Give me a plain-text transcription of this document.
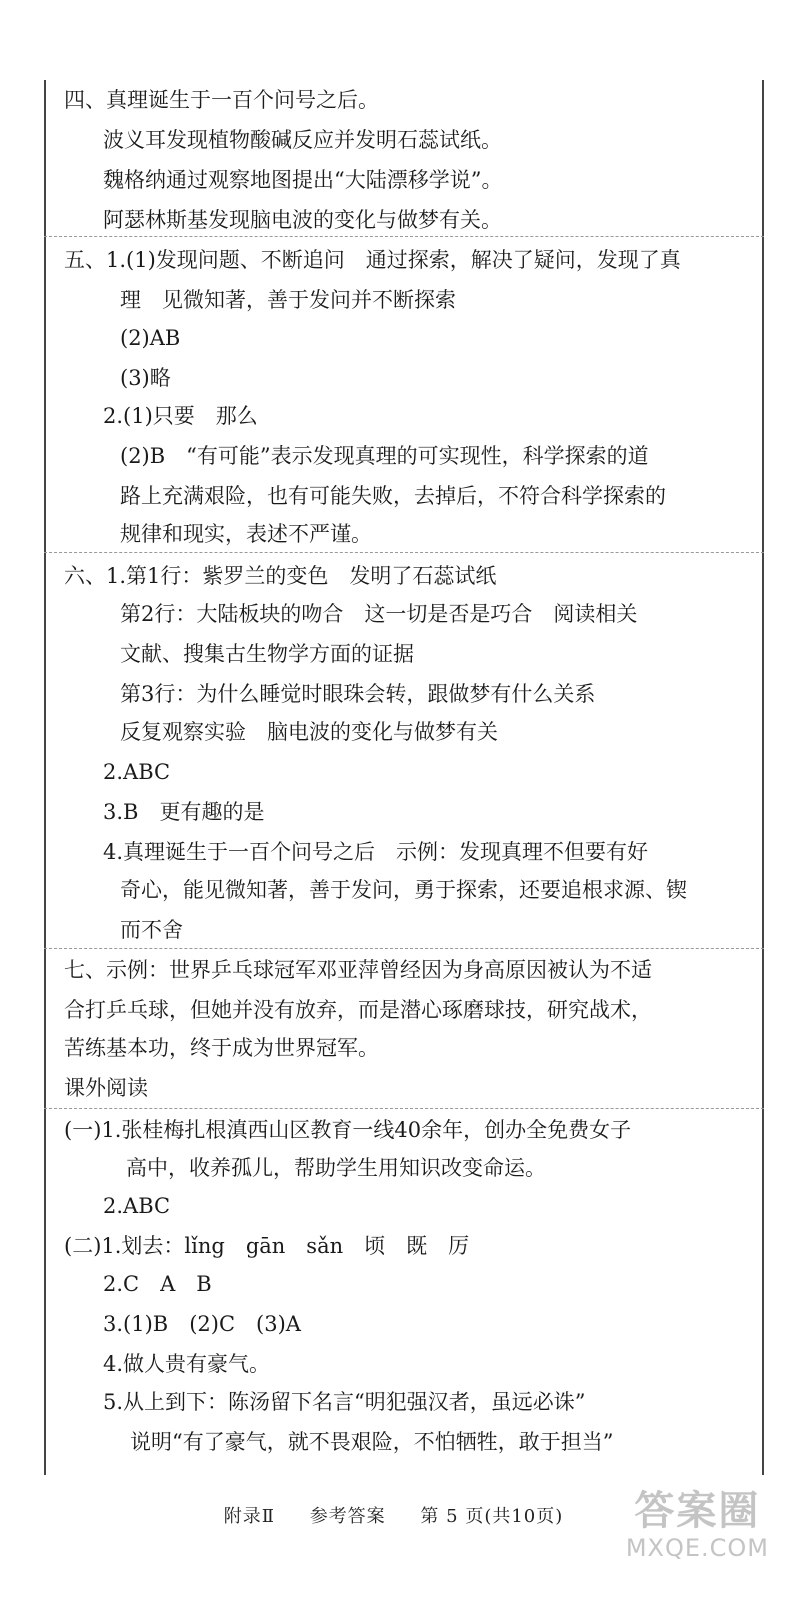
四、真理诞生于一百个问号之后。
波义耳发现植物酸碱反应并发明石蕊试纸。
魏格纳通过观察地图提出“大陆漂移学说”。
阿瑟林斯基发现脑电波的变化与做梦有关。
五、1.(1)发现问题、不断追问　通过探索，解决了疑问，发现了真
理　见微知著，善于发问并不断探索
(2)AB
(3)略
2.(1)只要　那么
(2)B　“有可能”表示发现真理的可实现性，科学探索的道
路上充满艰险，也有可能失败，去掉后，不符合科学探索的
规律和现实，表述不严谨。
六、1.第1行：紫罗兰的变色　发明了石蕊试纸
第2行：大陆板块的吻合　这一切是否是巧合　阅读相关
文献、搜集古生物学方面的证据
第3行：为什么睡觉时眼珠会转，跟做梦有什么关系
反复观察实验　脑电波的变化与做梦有关
2.ABC
3.B　更有趣的是
4.真理诞生于一百个问号之后　示例：发现真理不但要有好
奇心，能见微知著，善于发问，勇于探索，还要追根求源、锲
而不舍
七、示例：世界乒乓球冠军邓亚萍曾经因为身高原因被认为不适
合打乒乓球，但她并没有放弃，而是潜心琢磨球技，研究战术，
苦练基本功，终于成为世界冠军。
课外阅读
(一)1.张桂梅扎根滇西山区教育一线40余年，创办全免费女子
高中，收养孤儿，帮助学生用知识改变命运。
2.ABC
(二)1.划去：lǐng　gān　sǎn　顷　既　厉
2.C　A　B
3.(1)B　(2)C　(3)A
4.做人贵有豪气。
5.从上到下：陈汤留下名言“明犯强汉者，虽远必诛”
说明“有了豪气，就不畏艰险，不怕牺牲，敢于担当”
附录Ⅱ 参考答案 第 5 页(共10页)	答案圈
MXQE.COM
